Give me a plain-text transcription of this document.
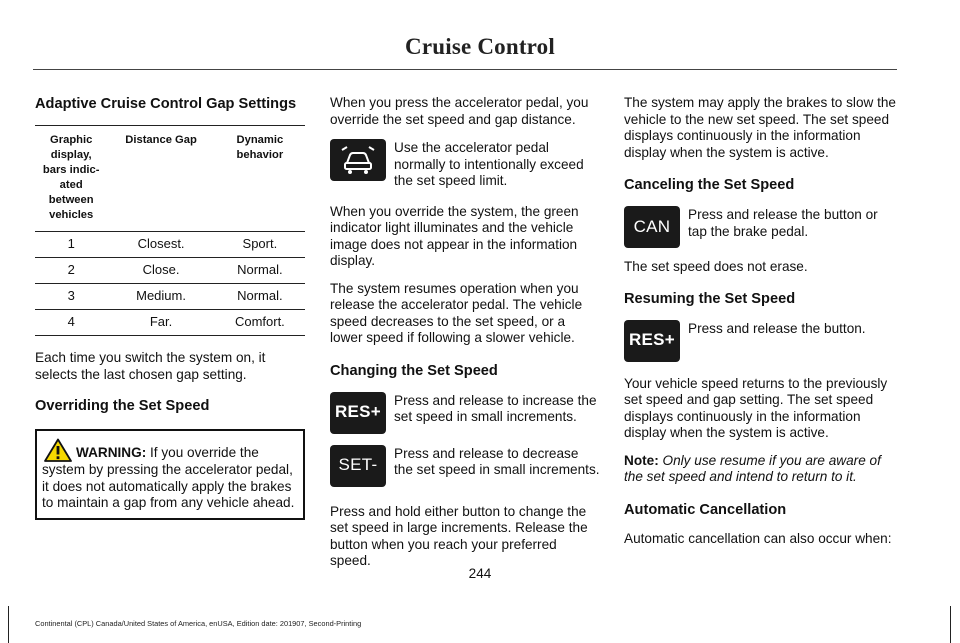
Cruise Control
Adaptive Cruise Control Gap Settings
Graphic display, bars indic-ated between vehicles	Distance Gap	Dynamic behavior
1	Closest.	Sport.
2	Close.	Normal.
3	Medium.	Normal.
4	Far.	Comfort.

Each time you switch the system on, it selects the last chosen gap setting.

Overriding the Set Speed
WARNING: If you override the system by pressing the accelerator pedal, it does not automatically apply the brakes to maintain a gap from any vehicle ahead.

When you press the accelerator pedal, you override the set speed and gap distance.

Use the accelerator pedal normally to intentionally exceed the set speed limit.

When you override the system, the green indicator light illuminates and the vehicle image does not appear in the information display.

The system resumes operation when you release the accelerator pedal. The vehicle speed decreases to the set speed, or a lower speed if following a slower vehicle.

Changing the Set Speed
RES+
Press and release to increase the set speed in small increments.
SET-
Press and release to decrease the set speed in small increments.

Press and hold either button to change the set speed in large increments. Release the button when you reach your preferred speed.

The system may apply the brakes to slow the vehicle to the new set speed. The set speed displays continuously in the information display when the system is active.

Canceling the Set Speed
CAN
Press and release the button or tap the brake pedal.

The set speed does not erase.

Resuming the Set Speed
RES+
Press and release the button.

Your vehicle speed returns to the previously set speed and gap setting. The set speed displays continuously in the information display when the system is active.

Note: Only use resume if you are aware of the set speed and intend to return to it.

Automatic Cancellation

Automatic cancellation can also occur when:

244
Continental (CPL) Canada/United States of America, enUSA, Edition date: 201907, Second-Printing
